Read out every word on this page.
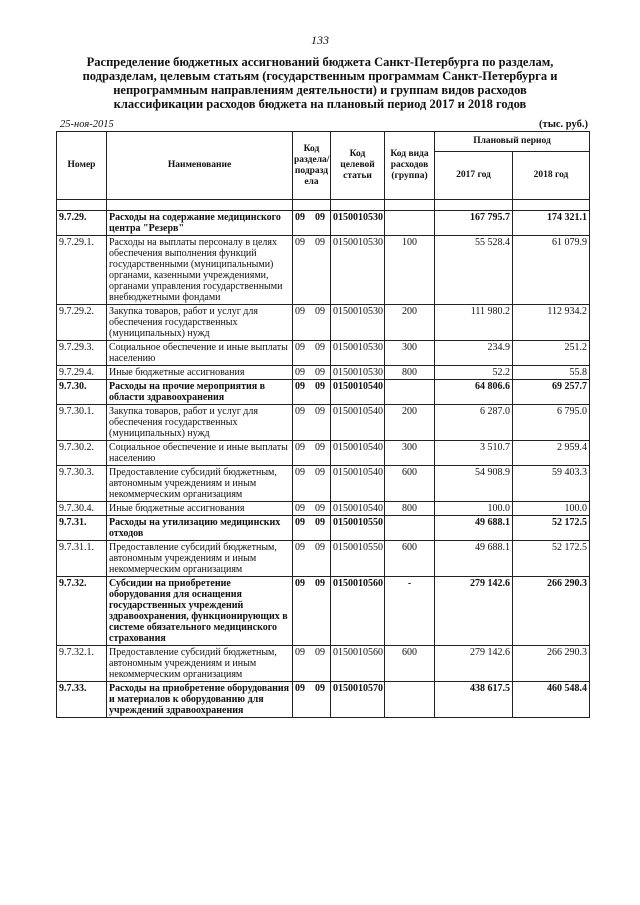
133
Распределение бюджетных ассигнований бюджета Санкт-Петербурга по разделам, подразделам, целевым статьям (государственным программам Санкт-Петербурга и непрограммным направлениям деятельности) и группам видов расходов классификации расходов бюджета на плановый период 2017 и 2018 годов
25-ноя-2015	(тыс. руб.)
Номер	Наименование	Код раздела/ подразд ела	Код целевой статьи	Код вида расходов (группа)	Плановый период	
					2017 год	2018 год

9.7.29.	Расходы на содержание медицинского центра "Резерв"	09 09	0150010530		167 795.7	174 321.1
9.7.29.1.	Расходы на выплаты персоналу в целях обеспечения выполнения функций государственными (муниципальными) органами, казенными учреждениями, органами управления государственными внебюджетными фондами	09 09	0150010530	100	55 528.4	61 079.9
9.7.29.2.	Закупка товаров, работ и услуг для обеспечения государственных (муниципальных) нужд	09 09	0150010530	200	111 980.2	112 934.2
9.7.29.3.	Социальное обеспечение и иные выплаты населению	09 09	0150010530	300	234.9	251.2
9.7.29.4.	Иные бюджетные ассигнования	09 09	0150010530	800	52.2	55.8
9.7.30.	Расходы на прочие мероприятия в области здравоохранения	09 09	0150010540		64 806.6	69 257.7
9.7.30.1.	Закупка товаров, работ и услуг для обеспечения государственных (муниципальных) нужд	09 09	0150010540	200	6 287.0	6 795.0
9.7.30.2.	Социальное обеспечение и иные выплаты населению	09 09	0150010540	300	3 510.7	2 959.4
9.7.30.3.	Предоставление субсидий бюджетным, автономным учреждениям и иным некоммерческим организациям	09 09	0150010540	600	54 908.9	59 403.3
9.7.30.4.	Иные бюджетные ассигнования	09 09	0150010540	800	100.0	100.0
9.7.31.	Расходы на утилизацию медицинских отходов	09 09	0150010550		49 688.1	52 172.5
9.7.31.1.	Предоставление субсидий бюджетным, автономным учреждениям и иным некоммерческим организациям	09 09	0150010550	600	49 688.1	52 172.5
9.7.32.	Субсидии на приобретение оборудования для оснащения государственных учреждений здравоохранения, функционирующих в системе обязательного медицинского страхования	09 09	0150010560	-	279 142.6	266 290.3
9.7.32.1.	Предоставление субсидий бюджетным, автономным учреждениям и иным некоммерческим организациям	09 09	0150010560	600	279 142.6	266 290.3
9.7.33.	Расходы на приобретение оборудования и материалов к оборудованию для учреждений здравоохранения	09 09	0150010570		438 617.5	460 548.4
